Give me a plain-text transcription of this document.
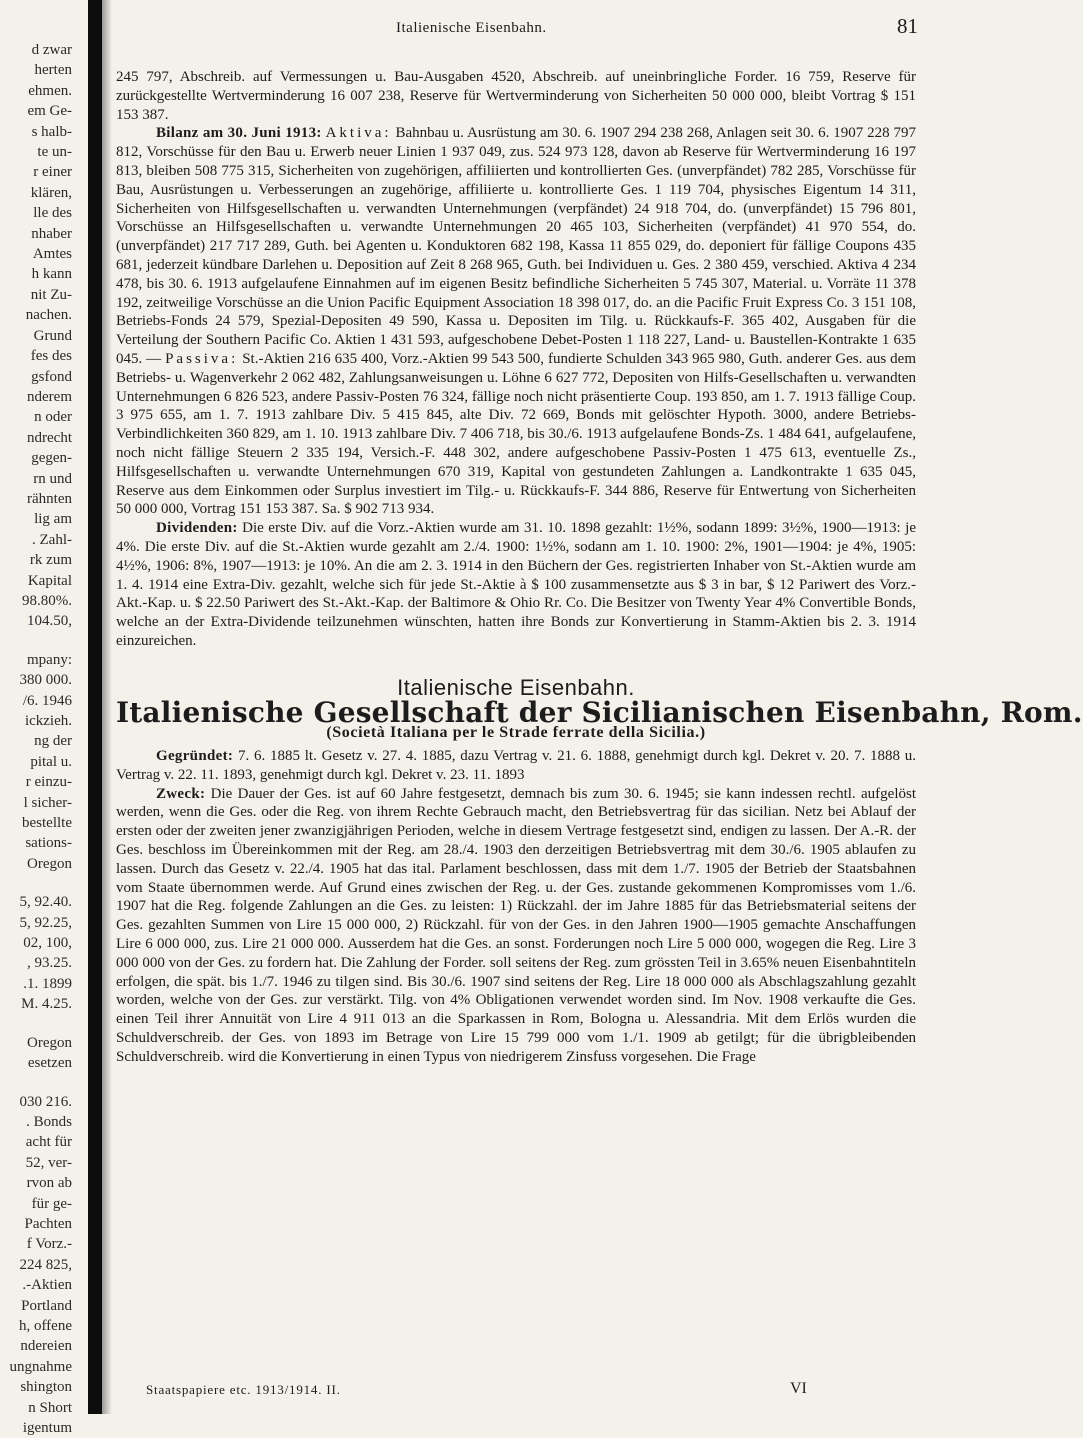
d zwar
herten
ehmen.
em Ge-
s halb-
te un-
r einer
klären,
lle des
nhaber
Amtes
h kann
nit Zu-
nachen.
Grund
fes des
gsfond
nderem
n oder
ndrecht
gegen-
rn und
rähnten
lig am
. Zahl-
rk zum
Kapital
98.80%.
104.50,
mpany:
380 000.
/6. 1946
ickzieh.
ng der
pital u.
r einzu-
l sicher-
bestellte
sations-
Oregon
5, 92.40.
5, 92.25,
02, 100,
, 93.25.
.1. 1899
M. 4.25.
Oregon
esetzen
030 216.
. Bonds
acht für
52, ver-
rvon ab
für ge-
Pachten
f Vorz.-
224 825,
.-Aktien
Portland
h, offene
ndereien
ungnahme
shington
n Short
igentum
Italienische Eisenbahn.	81

245 797, Abschreib. auf Vermessungen u. Bau-Ausgaben 4520, Abschreib. auf uneinbringliche Forder. 16 759, Reserve für zurückgestellte Wertverminderung 16 007 238, Reserve für Wertverminderung von Sicherheiten 50 000 000, bleibt Vortrag $ 151 153 387.

Bilanz am 30. Juni 1913: Aktiva: Bahnbau u. Ausrüstung am 30. 6. 1907 294 238 268, Anlagen seit 30. 6. 1907 228 797 812, Vorschüsse für den Bau u. Erwerb neuer Linien 1 937 049, zus. 524 973 128, davon ab Reserve für Wertverminderung 16 197 813, bleiben 508 775 315, Sicherheiten von zugehörigen, affiliierten und kontrollierten Ges. (unverpfändet) 782 285, Vorschüsse für Bau, Ausrüstungen u. Verbesserungen an zugehörige, affiliierte u. kontrollierte Ges. 1 119 704, physisches Eigentum 14 311, Sicherheiten von Hilfsgesellschaften u. verwandten Unternehmungen (verpfändet) 24 918 704, do. (unverpfändet) 15 796 801, Vorschüsse an Hilfsgesellschaften u. verwandte Unternehmungen 20 465 103, Sicherheiten (verpfändet) 41 970 554, do. (unverpfändet) 217 717 289, Guth. bei Agenten u. Konduktoren 682 198, Kassa 11 855 029, do. deponiert für fällige Coupons 435 681, jederzeit kündbare Darlehen u. Deposition auf Zeit 8 268 965, Guth. bei Individuen u. Ges. 2 380 459, verschied. Aktiva 4 234 478, bis 30. 6. 1913 aufgelaufene Einnahmen auf im eigenen Besitz befindliche Sicherheiten 5 745 307, Material. u. Vorräte 11 378 192, zeitweilige Vorschüsse an die Union Pacific Equipment Association 18 398 017, do. an die Pacific Fruit Express Co. 3 151 108, Betriebs-Fonds 24 579, Spezial-Depositen 49 590, Kassa u. Depositen im Tilg. u. Rückkaufs-F. 365 402, Ausgaben für die Verteilung der Southern Pacific Co. Aktien 1 431 593, aufgeschobene Debet-Posten 1 118 227, Land- u. Baustellen-Kontrakte 1 635 045. — Passiva: St.-Aktien 216 635 400, Vorz.-Aktien 99 543 500, fundierte Schulden 343 965 980, Guth. anderer Ges. aus dem Betriebs- u. Wagenverkehr 2 062 482, Zahlungsanweisungen u. Löhne 6 627 772, Depositen von Hilfs-Gesellschaften u. verwandten Unternehmungen 6 826 523, andere Passiv-Posten 76 324, fällige noch nicht präsentierte Coup. 193 850, am 1. 7. 1913 fällige Coup. 3 975 655, am 1. 7. 1913 zahlbare Div. 5 415 845, alte Div. 72 669, Bonds mit gelöschter Hypoth. 3000, andere Betriebs-Verbindlichkeiten 360 829, am 1. 10. 1913 zahlbare Div. 7 406 718, bis 30./6. 1913 aufgelaufene Bonds-Zs. 1 484 641, aufgelaufene, noch nicht fällige Steuern 2 335 194, Versich.-F. 448 302, andere aufgeschobene Passiv-Posten 1 475 613, eventuelle Zs., Hilfsgesellschaften u. verwandte Unternehmungen 670 319, Kapital von gestundeten Zahlungen a. Landkontrakte 1 635 045, Reserve aus dem Einkommen oder Surplus investiert im Tilg.- u. Rückkaufs-F. 344 886, Reserve für Entwertung von Sicherheiten 50 000 000, Vortrag 151 153 387. Sa. $ 902 713 934.

Dividenden: Die erste Div. auf die Vorz.-Aktien wurde am 31. 10. 1898 gezahlt: 1½%, sodann 1899: 3½%, 1900—1913: je 4%. Die erste Div. auf die St.-Aktien wurde gezahlt am 2./4. 1900: 1½%, sodann am 1. 10. 1900: 2%, 1901—1904: je 4%, 1905: 4½%, 1906: 8%, 1907—1913: je 10%. An die am 2. 3. 1914 in den Büchern der Ges. registrierten Inhaber von St.-Aktien wurde am 1. 4. 1914 eine Extra-Div. gezahlt, welche sich für jede St.-Aktie à $ 100 zusammensetzte aus $ 3 in bar, $ 12 Pariwert des Vorz.-Akt.-Kap. u. $ 22.50 Pariwert des St.-Akt.-Kap. der Baltimore & Ohio Rr. Co. Die Besitzer von Twenty Year 4% Convertible Bonds, welche an der Extra-Dividende teilzunehmen wünschten, hatten ihre Bonds zur Konvertierung in Stamm-Aktien bis 2. 3. 1914 einzureichen.

Italienische Eisenbahn.
Italienische Gesellschaft der Sicilianischen Eisenbahn, Rom.
(Società Italiana per le Strade ferrate della Sicilia.)

Gegründet: 7. 6. 1885 lt. Gesetz v. 27. 4. 1885, dazu Vertrag v. 21. 6. 1888, genehmigt durch kgl. Dekret v. 20. 7. 1888 u. Vertrag v. 22. 11. 1893, genehmigt durch kgl. Dekret v. 23. 11. 1893

Zweck: Die Dauer der Ges. ist auf 60 Jahre festgesetzt, demnach bis zum 30. 6. 1945; sie kann indessen rechtl. aufgelöst werden, wenn die Ges. oder die Reg. von ihrem Rechte Gebrauch macht, den Betriebsvertrag für das sicilian. Netz bei Ablauf der ersten oder der zweiten jener zwanzigjährigen Perioden, welche in diesem Vertrage festgesetzt sind, endigen zu lassen. Der A.-R. der Ges. beschloss im Übereinkommen mit der Reg. am 28./4. 1903 den derzeitigen Betriebsvertrag mit dem 30./6. 1905 ablaufen zu lassen. Durch das Gesetz v. 22./4. 1905 hat das ital. Parlament beschlossen, dass mit dem 1./7. 1905 der Betrieb der Staatsbahnen vom Staate übernommen werde. Auf Grund eines zwischen der Reg. u. der Ges. zustande gekommenen Kompromisses vom 1./6. 1907 hat die Reg. folgende Zahlungen an die Ges. zu leisten: 1) Rückzahl. der im Jahre 1885 für das Betriebsmaterial seitens der Ges. gezahlten Summen von Lire 15 000 000, 2) Rückzahl. für von der Ges. in den Jahren 1900—1905 gemachte Anschaffungen Lire 6 000 000, zus. Lire 21 000 000. Ausserdem hat die Ges. an sonst. Forderungen noch Lire 5 000 000, wogegen die Reg. Lire 3 000 000 von der Ges. zu fordern hat. Die Zahlung der Forder. soll seitens der Reg. zum grössten Teil in 3.65% neuen Eisenbahntiteln erfolgen, die spät. bis 1./7. 1946 zu tilgen sind. Bis 30./6. 1907 sind seitens der Reg. Lire 18 000 000 als Abschlagszahlung gezahlt worden, welche von der Ges. zur verstärkt. Tilg. von 4% Obligationen verwendet worden sind. Im Nov. 1908 verkaufte die Ges. einen Teil ihrer Annuität von Lire 4 911 013 an die Sparkassen in Rom, Bologna u. Alessandria. Mit dem Erlös wurden die Schuldverschreib. der Ges. von 1893 im Betrage von Lire 15 799 000 vom 1./1. 1909 ab getilgt; für die übrigbleibenden Schuldverschreib. wird die Konvertierung in einen Typus von niedrigerem Zinsfuss vorgesehen. Die Frage

Staatspapiere etc. 1913/1914. II.	VI
